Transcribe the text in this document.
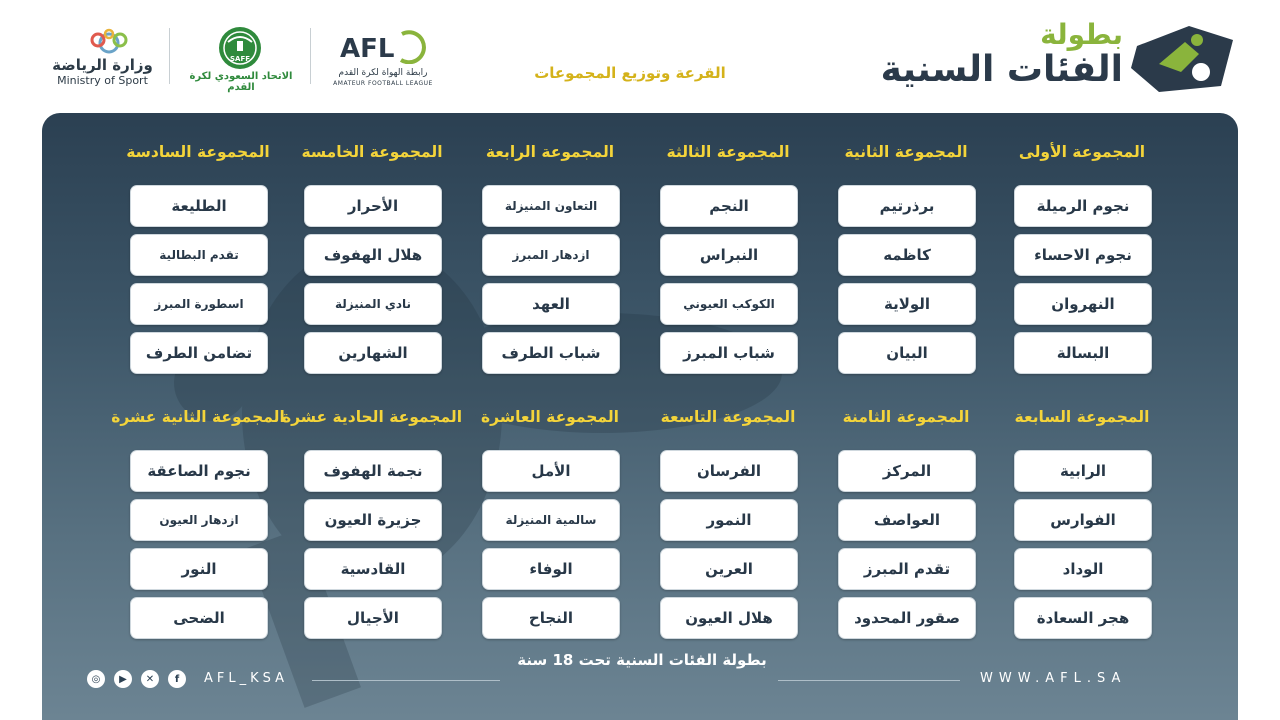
وزارة الرياضة
Ministry of Sport
SAFF
الاتحاد السعودي لكرة القدم
AFL
رابطة الهواة لكرة القدم
AMATEUR FOOTBALL LEAGUE
القرعة وتوزيع المجموعات
بطولة
الفئات السنية
المجموعة الأولى
نجوم الرميلة
نجوم الاحساء
النهروان
البسالة
المجموعة الثانية
برذرتيم
كاظمه
الولاية
البيان
المجموعة الثالثة
النجم
النبراس
الكوكب العيوني
شباب المبرز
المجموعة الرابعة
التعاون المنيزلة
ازدهار المبرز
العهد
شباب الطرف
المجموعة الخامسة
الأحرار
هلال الهفوف
نادي المنيزلة
الشهارين
المجموعة السادسة
الطليعة
تقدم البطالية
اسطورة المبرز
تضامن الطرف
المجموعة السابعة
الرابية
الفوارس
الوداد
هجر السعادة
المجموعة الثامنة
المركز
العواصف
تقدم المبرز
صقور المحدود
المجموعة التاسعة
الفرسان
النمور
العرين
هلال العيون
المجموعة العاشرة
الأمل
سالمية المنيزلة
الوفاء
النجاح
المجموعة الحادية عشرة
نجمة الهفوف
جزيرة العيون
القادسية
الأجيال
المجموعة الثانية عشرة
نجوم الصاعقة
ازدهار العيون
النور
الضحى
بطولة الفئات السنية تحت 18 سنة
AFL_KSA	WWW.AFL.SA
◎	▶	✕	f
